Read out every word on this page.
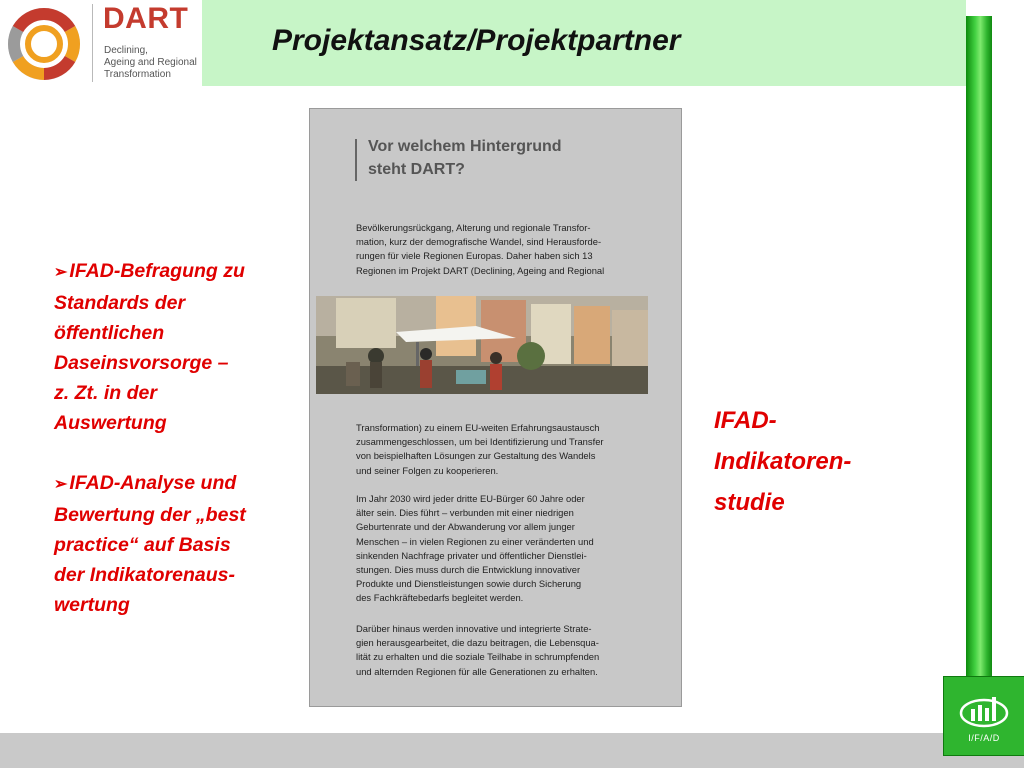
DART
Declining,
Ageing and Regional
Transformation
Projektansatz/Projektpartner
➢ IFAD-Befragung zu
Standards der
öffentlichen
Daseinsvorsorge –
z. Zt. in der
Auswertung
➢ IFAD-Analyse und
Bewertung der „best
practice“ auf Basis
der Indikatorenaus-
wertung
Vor welchem Hintergrund
steht DART?
Bevölkerungsrückgang, Alterung und regionale Transfor-
mation, kurz der demografische Wandel, sind Herausforde-
rungen für viele Regionen Europas. Daher haben sich 13
Regionen im Projekt DART (Declining, Ageing and Regional
Transformation) zu einem EU-weiten Erfahrungsaustausch
zusammengeschlossen, um bei Identifizierung und Transfer
von beispielhaften Lösungen zur Gestaltung des Wandels
und seiner Folgen zu kooperieren.
Im Jahr 2030 wird jeder dritte EU-Bürger 60 Jahre oder
älter sein. Dies führt – verbunden mit einer niedrigen
Geburtenrate und der Abwanderung vor allem junger
Menschen – in vielen Regionen zu einer veränderten und
sinkenden Nachfrage privater und öffentlicher Dienstlei-
stungen. Dies muss durch die Entwicklung innovativer
Produkte und Dienstleistungen sowie durch Sicherung
des Fachkräftebedarfs begleitet werden.
Darüber hinaus werden innovative und integrierte Strate-
gien herausgearbeitet, die dazu beitragen, die Lebensqua-
lität zu erhalten und die soziale Teilhabe in schrumpfenden
und alternden Regionen für alle Generationen zu erhalten.
IFAD-
Indikatoren-
studie
I/F/A/D
